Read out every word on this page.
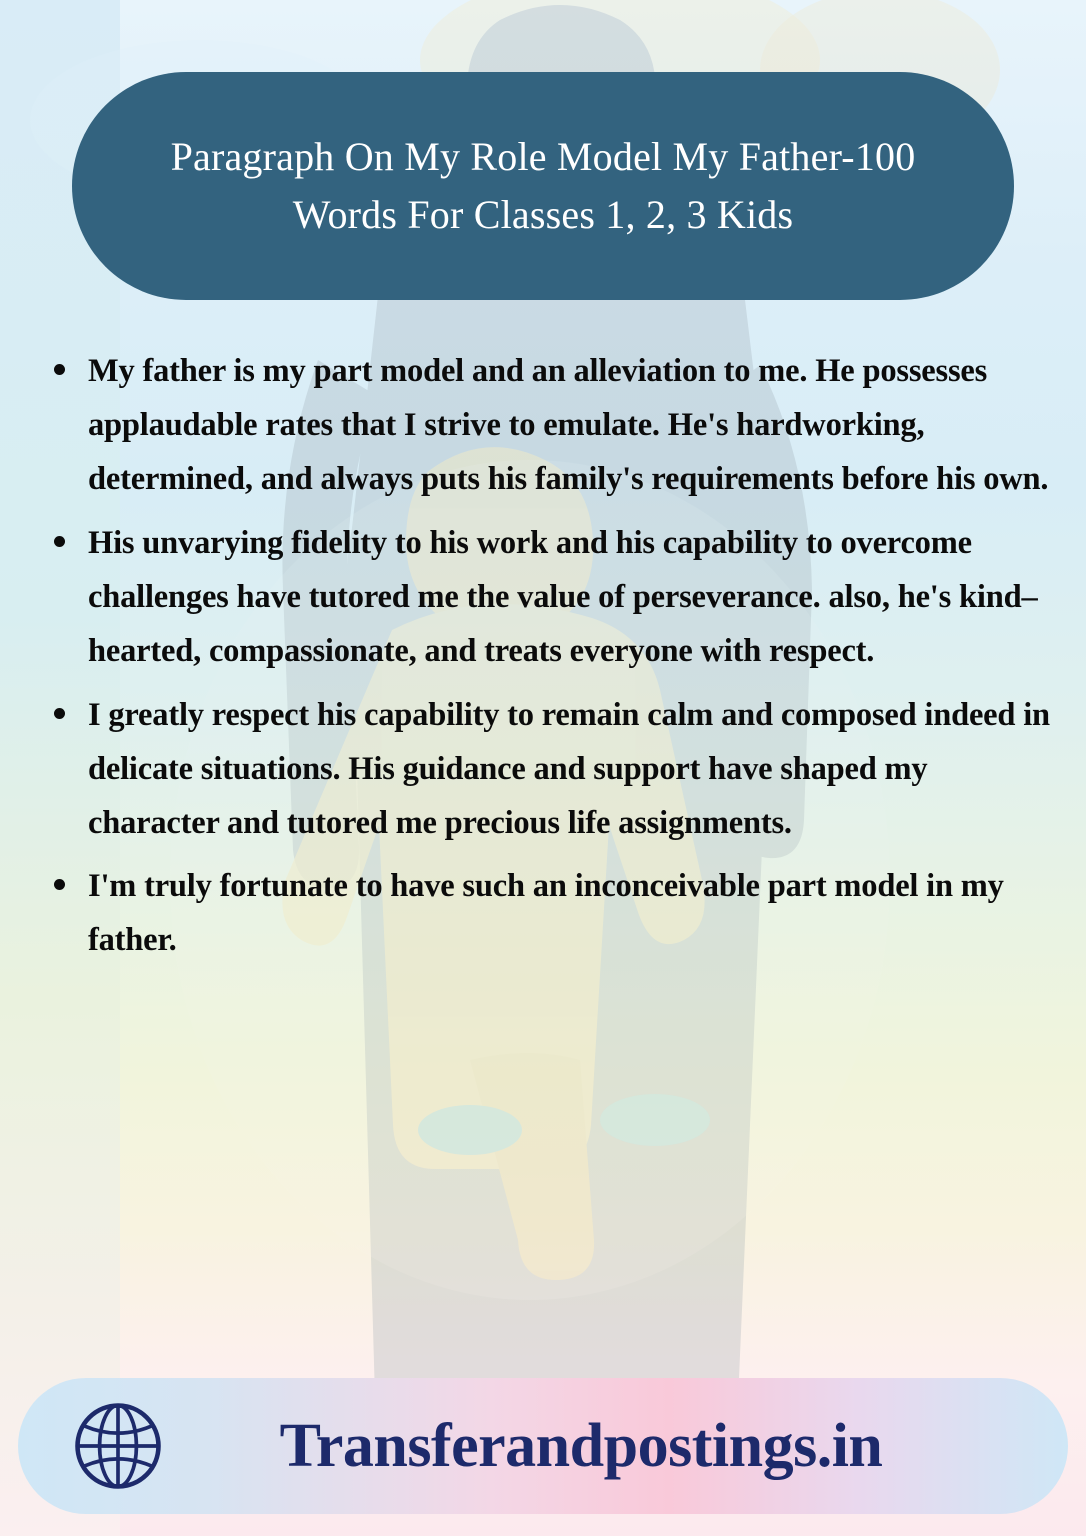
Paragraph On My Role Model My Father-100 Words For Classes 1, 2, 3 Kids
My father is my part model and an alleviation to me. He possesses applaudable rates that I strive to emulate. He's hardworking, determined, and always puts his family's requirements before his own.
His unvarying fidelity to his work and his capability to overcome challenges have tutored me the value of perseverance. also, he's kind– hearted, compassionate, and treats everyone with respect.
I greatly respect his capability to remain calm and composed indeed in delicate situations. His guidance and support have shaped my character and tutored me precious life assignments.
I'm truly fortunate to have such an inconceivable part model in my father.
Transferandpostings.in
